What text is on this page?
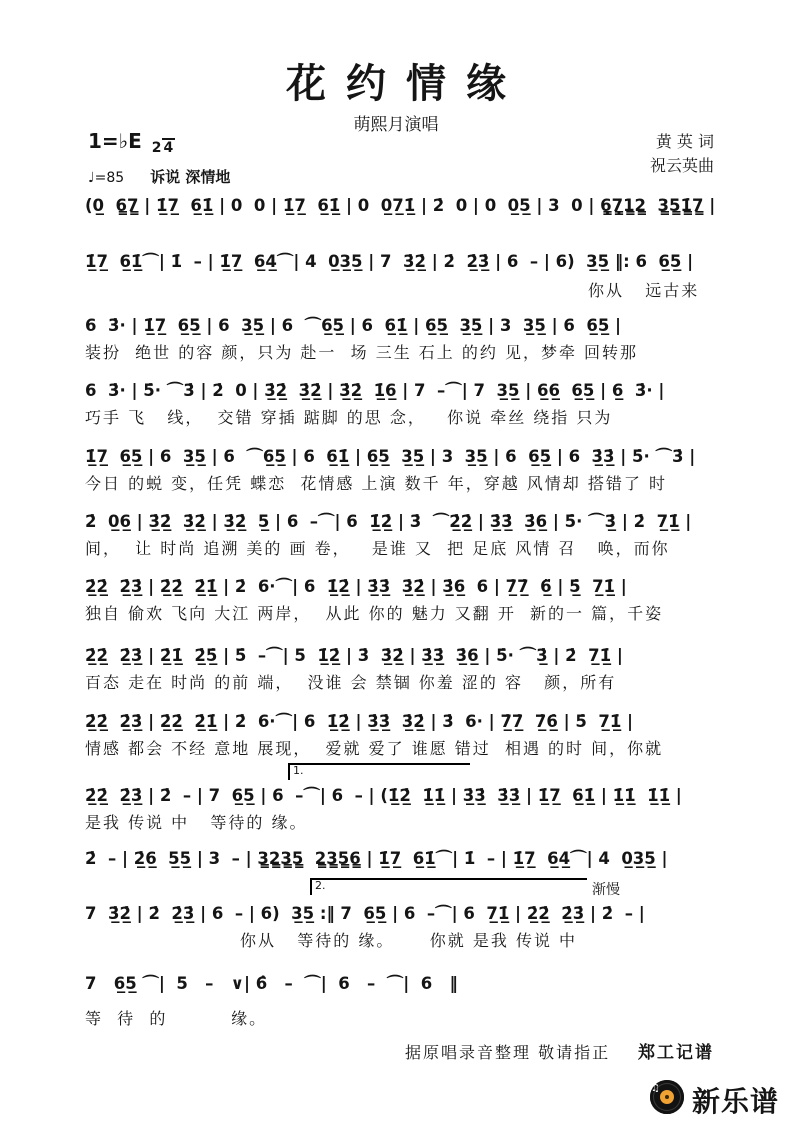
花约情缘
萌熙月演唱
1=♭E 2 4
♩=85 诉说 深情地
黄 英 词
祝云英曲
(0̲  6̳7̳ | 1̲̇7̲  6̲1̲̇ | 0  0 | 1̲̇7̲  6̲1̲̇ | 0  0̲7̲1̲̇ | 2̇  0 | 0  0̲5̲ | 3  0 | 6̣̳7̣̳1̳2̳  3̳5̳1̳̇7̳ |
1̲̇7̲  6̲1̲̇⌒| 1̇  – | 1̲̇7̲  6̲4̲⌒| 4  0̲3̲5̲ | 7  3̲̇2̲̇ | 2̇  2̲̇3̲̇ | 6  – | 6)  3̲5̲ ‖: 6  6̲5̲ |
你从   远古来
6  3̇· | 1̲̇7̲  6̲5̲ | 6  3̲5̲ | 6  ⌒6̲5̲ | 6  6̲1̲̇ | 6̲5̲  3̲5̲ | 3  3̲5̲ | 6  6̲5̲ |
装扮  绝世 的容 颜，只为 赴一  场 三生 石上 的约 见，梦牵 回转那
6  3̇· | 5̇· ⌒3̇ | 2̇  0 | 3̲̇2̲̇  3̲̇2̲̇ | 3̲̇2̲̇  1̲̇6̲ | 7  –⌒| 7  3̲5̲ | 6̲6̲  6̲5̲ | 6̲  3̇· |
巧手 飞   线，  交错 穿插 踮脚 的思 念，   你说 牵丝 绕指 只为
1̲̇7̲  6̲5̲ | 6  3̲5̲ | 6  ⌒6̲5̲ | 6  6̲1̲̇ | 6̲5̲  3̲5̲ | 3  3̲5̲ | 6  6̲5̲ | 6  3̲̇3̲̇ | 5̇· ⌒3̇ |
今日 的蜕 变，任凭 蝶恋  花情感 上演 数千 年，穿越 风情却 搭错了 时
2̇  0̲6̲ | 3̲̇2̲̇  3̲̇2̲̇ | 3̲̇2̲̇  5̲ | 6  –⌒| 6  1̲̇2̲̇ | 3̇  ⌒2̲̇2̲̇ | 3̲̇3̲̇  3̲̇6̲ | 5̇· ⌒3̲̇ | 2̇  7̲1̲̇ |
间，  让 时尚 追溯 美的 画 卷，   是谁 又  把 足底 风情 召   唤，而你
2̲̇2̲̇  2̲̇3̲̇ | 2̲̇2̲̇  2̲̇1̲̇ | 2̇  6·⌒| 6  1̲̇2̲̇ | 3̲̇3̲̇  3̲̇2̲̇ | 3̲̇6̲  6 | 7̲̇7̲̇  6̲̈ | 5̲̇  7̲1̲̇ |
独自 偷欢 飞向 大江 两岸，  从此 你的 魅力 又翻 开  新的一 篇，千姿
2̲̇2̲̇  2̲̇3̲̇ | 2̲̇1̲̇  2̲̇5̲̇ | 5̇  –⌒| 5  1̲̇2̲̇ | 3̇  3̲̇2̲̇ | 3̲̇3̲̇  3̲̇6̲ | 5̇· ⌒3̲̇ | 2̇  7̲1̲̇ |
百态 走在 时尚 的前 端，  没谁 会 禁锢 你羞 涩的 容   颜，所有
2̲̇2̲̇  2̲̇3̲̇ | 2̲̇2̲̇  2̲̇1̲̇ | 2̇  6·⌒| 6  1̲̇2̲̇ | 3̲̇3̲̇  3̲̇2̲̇ | 3̇  6· | 7̲̇7̲̇  7̲̇6̲̇ | 5̇  7̲1̲̇ |
情感 都会 不经 意地 展现，  爱就 爱了 谁愿 错过  相遇 的时 间，你就
1.
2̲̇2̲̇  2̲̇3̲̇ | 2̇  – | 7  6̲5̲ | 6  –⌒| 6  – | (1̲̇2̲̇  1̲̇1̲̇ | 3̲̇3̲̇  3̲̇3̲̇ | 1̲̇7̲  6̲1̲̇ | 1̲̇1̲̇  1̲̇1̲̇ |
是我 传说 中   等待的 缘。
2̇  – | 2̲̇6̲  5̲5̲ | 3  – | 3̳2̳3̳5̳  2̳3̳5̳6̳ | 1̲̇7̲  6̲1̲̇⌒| 1̇  – | 1̲̇7̲  6̲4̲⌒| 4  0̲3̲5̲ |
2.	渐慢
7  3̲̇2̲̇ | 2̇  2̲̇3̲̇ | 6  – | 6)  3̲5̲ :‖ 7  6̲5̲ | 6  –⌒| 6  7̲1̲̇ | 2̲̇2̲̇  2̲̇3̲̇ | 2̇  – |
你从   等待的 缘。     你就 是我 传说 中
7   6̲5̲ ⌒|  5   –   ∨| 6̂   –  ⌒|  6   –  ⌒|  6   ‖
等  待  的         缘。
据原唱录音整理 敬请指正 郑工记谱
♫ 新乐谱
